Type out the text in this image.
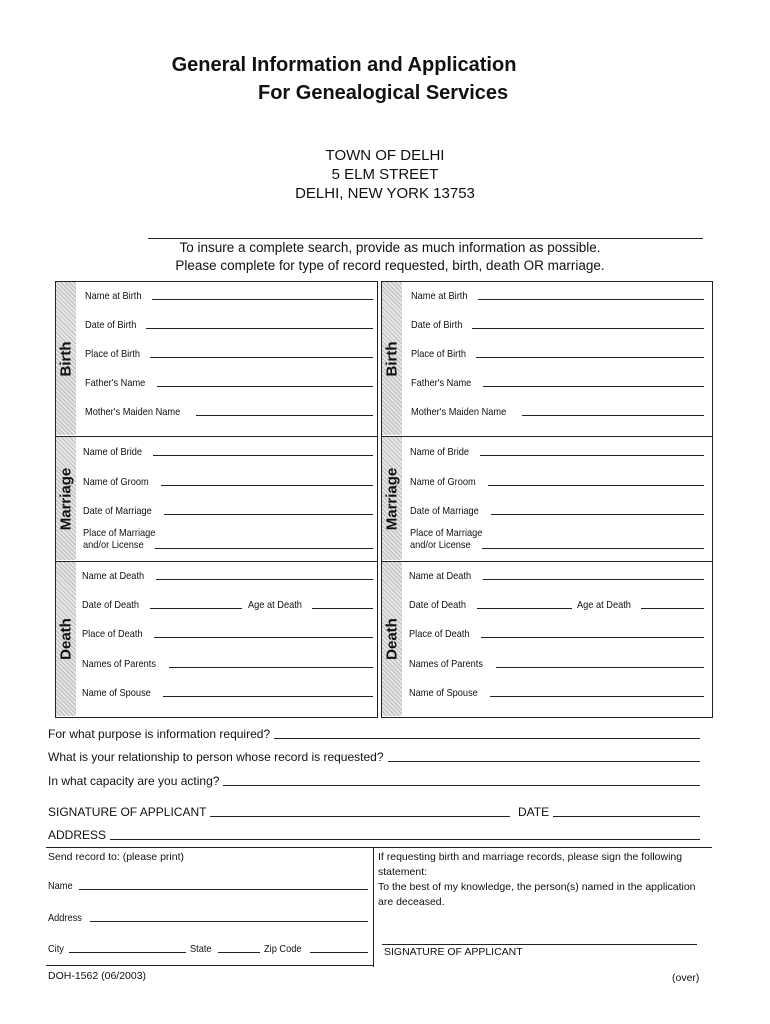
General Information and Application
For Genealogical Services
TOWN OF DELHI
5 ELM STREET
DELHI, NEW YORK 13753
To insure a complete search, provide as much information as possible.
Please complete for type of record requested, birth, death OR marriage.
Birth
Name at Birth
Date of Birth
Place of Birth
Father's Name
Mother's Maiden Name
Marriage
Name of Bride
Name of Groom
Date of Marriage
Place of Marriage
and/or License
Death
Name at Death
Date of Death	Age at Death
Place of Death
Names of Parents
Name of Spouse
Birth
Name at Birth
Date of Birth
Place of Birth
Father's Name
Mother's Maiden Name
Marriage
Name of Bride
Name of Groom
Date of Marriage
Place of Marriage
and/or License
Death
Name at Death
Date of Death	Age at Death
Place of Death
Names of Parents
Name of Spouse
For what purpose is information required?
What is your relationship to person whose record is requested?
In what capacity are you acting?
SIGNATURE OF APPLICANT	DATE
ADDRESS
Send record to: (please print)
Name
Address
City	State	Zip Code
If requesting birth and marriage records, please sign the following statement:
To the best of my knowledge, the person(s) named in the application are deceased.
SIGNATURE OF APPLICANT
DOH-1562 (06/2003)	(over)
